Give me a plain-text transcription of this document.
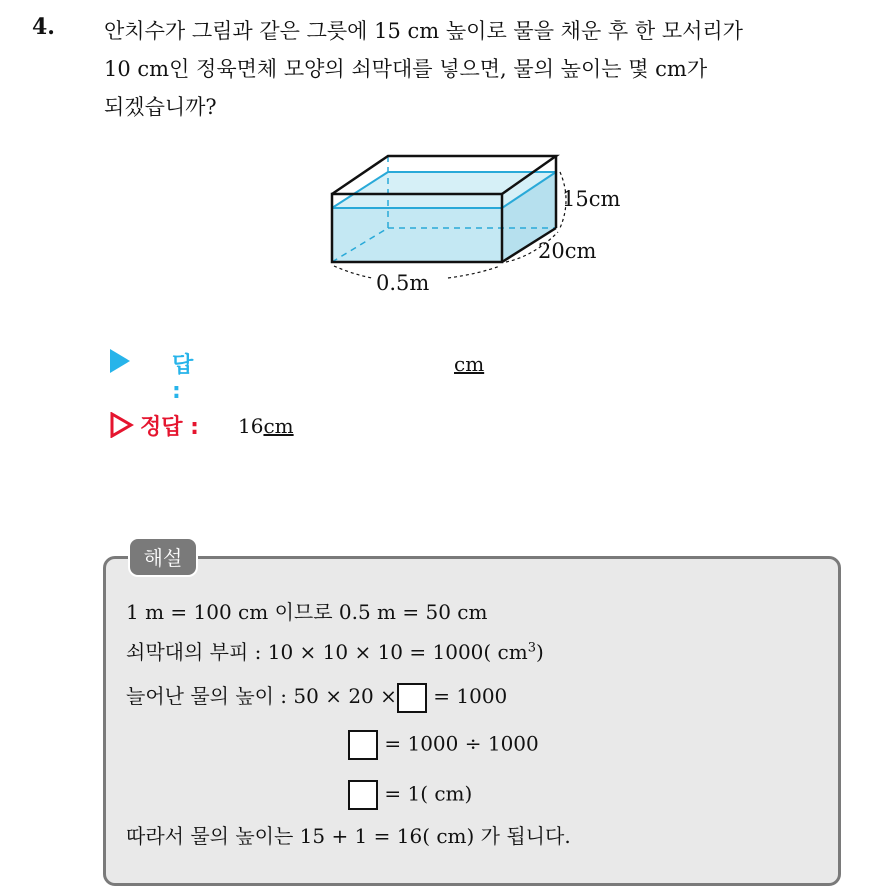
4. 안치수가 그림과 같은 그릇에 15 cm 높이로 물을 채운 후 한 모서리가
10 cm인 정육면체 모양의 쇠막대를 넣으면, 물의 높이는 몇 cm가
되겠습니까?
15cm
20cm
0.5m
답 :
cm
정답 : 16cm
해설
1 m = 100 cm 이므로 0.5 m = 50 cm
쇠막대의 부피 : 10 × 10 × 10 = 1000( $cm^3$)
늘어난 물의 높이 : 50 × 20 × = 1000
= 1000 ÷ 1000
= 1( cm)
따라서 물의 높이는 15 + 1 = 16( cm) 가 됩니다.
